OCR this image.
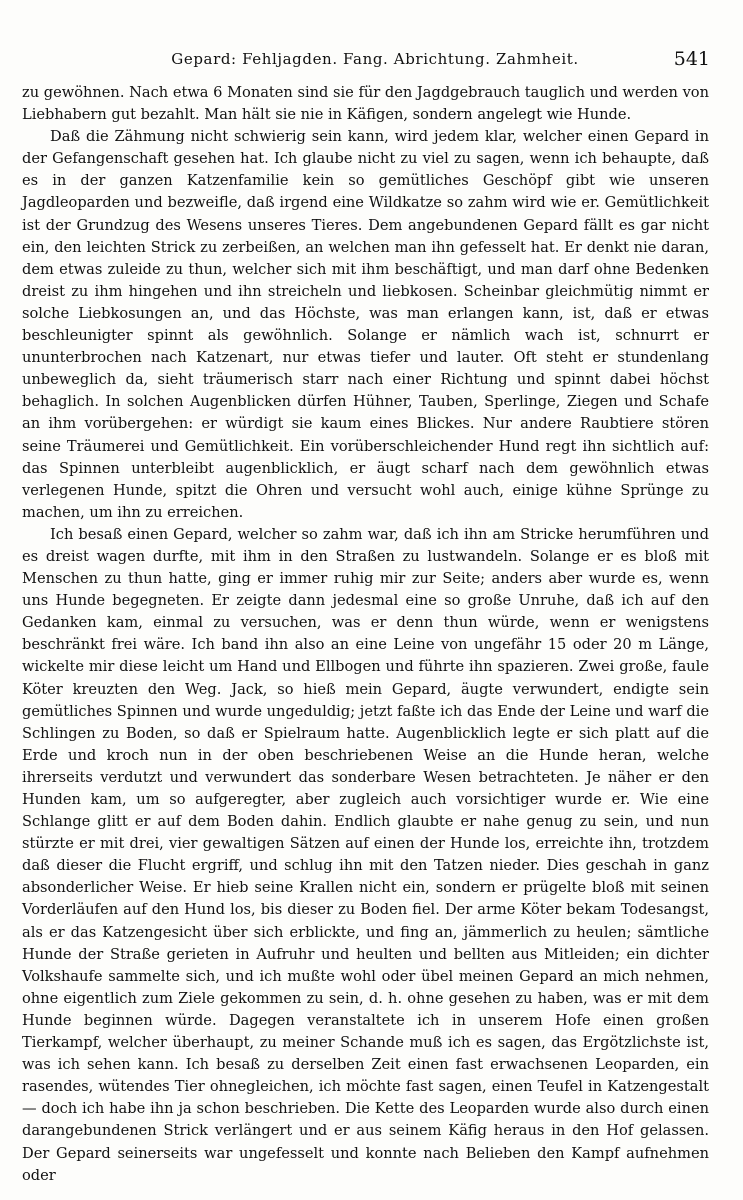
Gepard: Fehljagden. Fang. Abrichtung. Zahmheit.	541

zu gewöhnen. Nach etwa 6 Monaten sind sie für den Jagdgebrauch tauglich und werden von Liebhabern gut bezahlt. Man hält sie nie in Käfigen, sondern angelegt wie Hunde.

Daß die Zähmung nicht schwierig sein kann, wird jedem klar, welcher einen Gepard in der Gefangenschaft gesehen hat. Ich glaube nicht zu viel zu sagen, wenn ich behaupte, daß es in der ganzen Katzenfamilie kein so gemütliches Geschöpf gibt wie unseren Jagdleoparden und bezweifle, daß irgend eine Wildkatze so zahm wird wie er. Gemütlichkeit ist der Grundzug des Wesens unseres Tieres. Dem angebundenen Gepard fällt es gar nicht ein, den leichten Strick zu zerbeißen, an welchen man ihn gefesselt hat. Er denkt nie daran, dem etwas zuleide zu thun, welcher sich mit ihm beschäftigt, und man darf ohne Bedenken dreist zu ihm hingehen und ihn streicheln und liebkosen. Scheinbar gleichmütig nimmt er solche Liebkosungen an, und das Höchste, was man erlangen kann, ist, daß er etwas beschleunigter spinnt als gewöhnlich. Solange er nämlich wach ist, schnurrt er ununterbrochen nach Katzenart, nur etwas tiefer und lauter. Oft steht er stundenlang unbeweglich da, sieht träumerisch starr nach einer Richtung und spinnt dabei höchst behaglich. In solchen Augenblicken dürfen Hühner, Tauben, Sperlinge, Ziegen und Schafe an ihm vorübergehen: er würdigt sie kaum eines Blickes. Nur andere Raubtiere stören seine Träumerei und Gemütlichkeit. Ein vorüberschleichender Hund regt ihn sichtlich auf: das Spinnen unterbleibt augenblicklich, er äugt scharf nach dem gewöhnlich etwas verlegenen Hunde, spitzt die Ohren und versucht wohl auch, einige kühne Sprünge zu machen, um ihn zu erreichen.

Ich besaß einen Gepard, welcher so zahm war, daß ich ihn am Stricke herumführen und es dreist wagen durfte, mit ihm in den Straßen zu lustwandeln. Solange er es bloß mit Menschen zu thun hatte, ging er immer ruhig mir zur Seite; anders aber wurde es, wenn uns Hunde begegneten. Er zeigte dann jedesmal eine so große Unruhe, daß ich auf den Gedanken kam, einmal zu versuchen, was er denn thun würde, wenn er wenigstens beschränkt frei wäre. Ich band ihn also an eine Leine von ungefähr 15 oder 20 m Länge, wickelte mir diese leicht um Hand und Ellbogen und führte ihn spazieren. Zwei große, faule Köter kreuzten den Weg. Jack, so hieß mein Gepard, äugte verwundert, endigte sein gemütliches Spinnen und wurde ungeduldig; jetzt faßte ich das Ende der Leine und warf die Schlingen zu Boden, so daß er Spielraum hatte. Augenblicklich legte er sich platt auf die Erde und kroch nun in der oben beschriebenen Weise an die Hunde heran, welche ihrerseits verdutzt und verwundert das sonderbare Wesen betrachteten. Je näher er den Hunden kam, um so aufgeregter, aber zugleich auch vorsichtiger wurde er. Wie eine Schlange glitt er auf dem Boden dahin. Endlich glaubte er nahe genug zu sein, und nun stürzte er mit drei, vier gewaltigen Sätzen auf einen der Hunde los, erreichte ihn, trotzdem daß dieser die Flucht ergriff, und schlug ihn mit den Tatzen nieder. Dies geschah in ganz absonderlicher Weise. Er hieb seine Krallen nicht ein, sondern er prügelte bloß mit seinen Vorderläufen auf den Hund los, bis dieser zu Boden fiel. Der arme Köter bekam Todesangst, als er das Katzengesicht über sich erblickte, und fing an, jämmerlich zu heulen; sämtliche Hunde der Straße gerieten in Aufruhr und heulten und bellten aus Mitleiden; ein dichter Volkshaufe sammelte sich, und ich mußte wohl oder übel meinen Gepard an mich nehmen, ohne eigentlich zum Ziele gekommen zu sein, d. h. ohne gesehen zu haben, was er mit dem Hunde beginnen würde. Dagegen veranstaltete ich in unserem Hofe einen großen Tierkampf, welcher überhaupt, zu meiner Schande muß ich es sagen, das Ergötzlichste ist, was ich sehen kann. Ich besaß zu derselben Zeit einen fast erwachsenen Leoparden, ein rasendes, wütendes Tier ohnegleichen, ich möchte fast sagen, einen Teufel in Katzengestalt — doch ich habe ihn ja schon beschrieben. Die Kette des Leoparden wurde also durch einen darangebundenen Strick verlängert und er aus seinem Käfig heraus in den Hof gelassen. Der Gepard seinerseits war ungefesselt und konnte nach Belieben den Kampf aufnehmen oder
